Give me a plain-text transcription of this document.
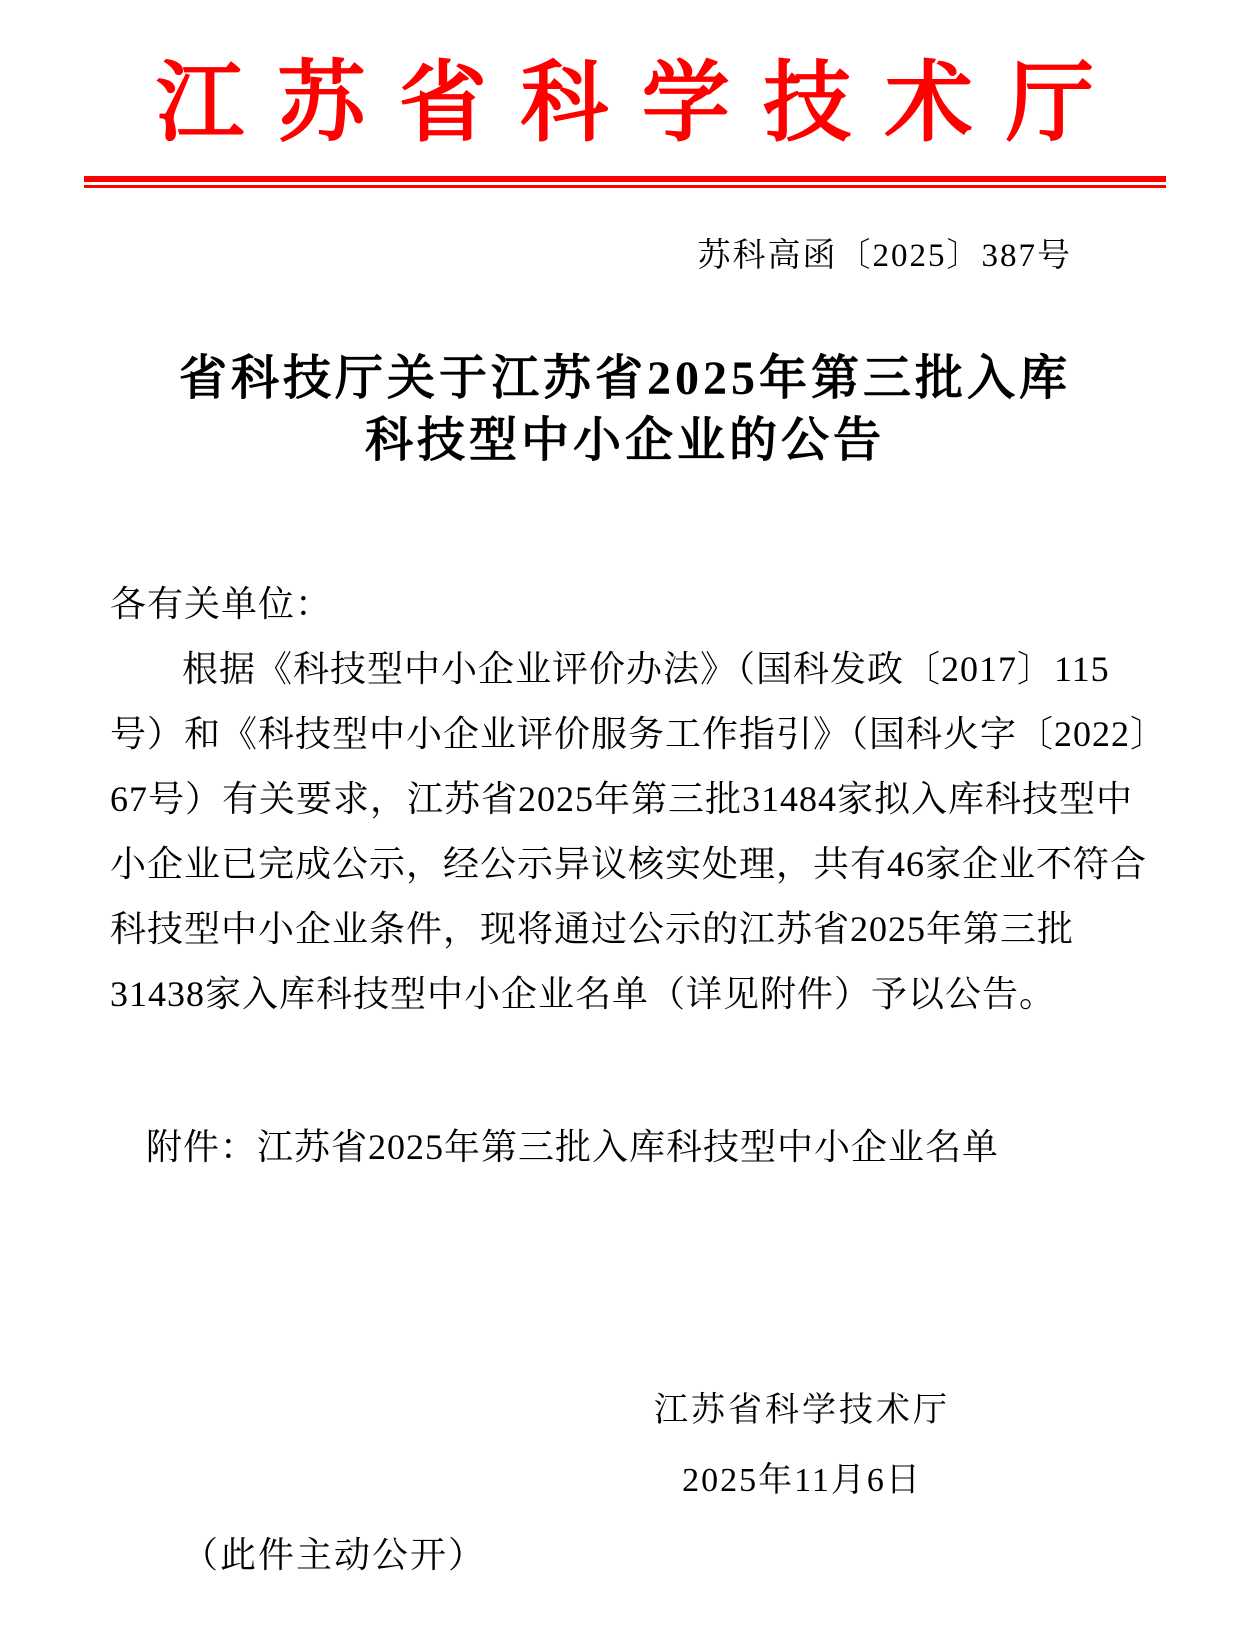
江苏省科学技术厅
苏科高函〔2025〕387号
省科技厅关于江苏省2025年第三批入库
科技型中小企业的公告
各有关单位：
根据《科技型中小企业评价办法》（国科发政〔2017〕115
号）和《科技型中小企业评价服务工作指引》（国科火字〔2022〕
67号）有关要求，江苏省2025年第三批31484家拟入库科技型中
小企业已完成公示，经公示异议核实处理，共有46家企业不符合
科技型中小企业条件，现将通过公示的江苏省2025年第三批
31438家入库科技型中小企业名单（详见附件）予以公告。
附件：江苏省2025年第三批入库科技型中小企业名单
江苏省科学技术厅
2025年11月6日
（此件主动公开）
